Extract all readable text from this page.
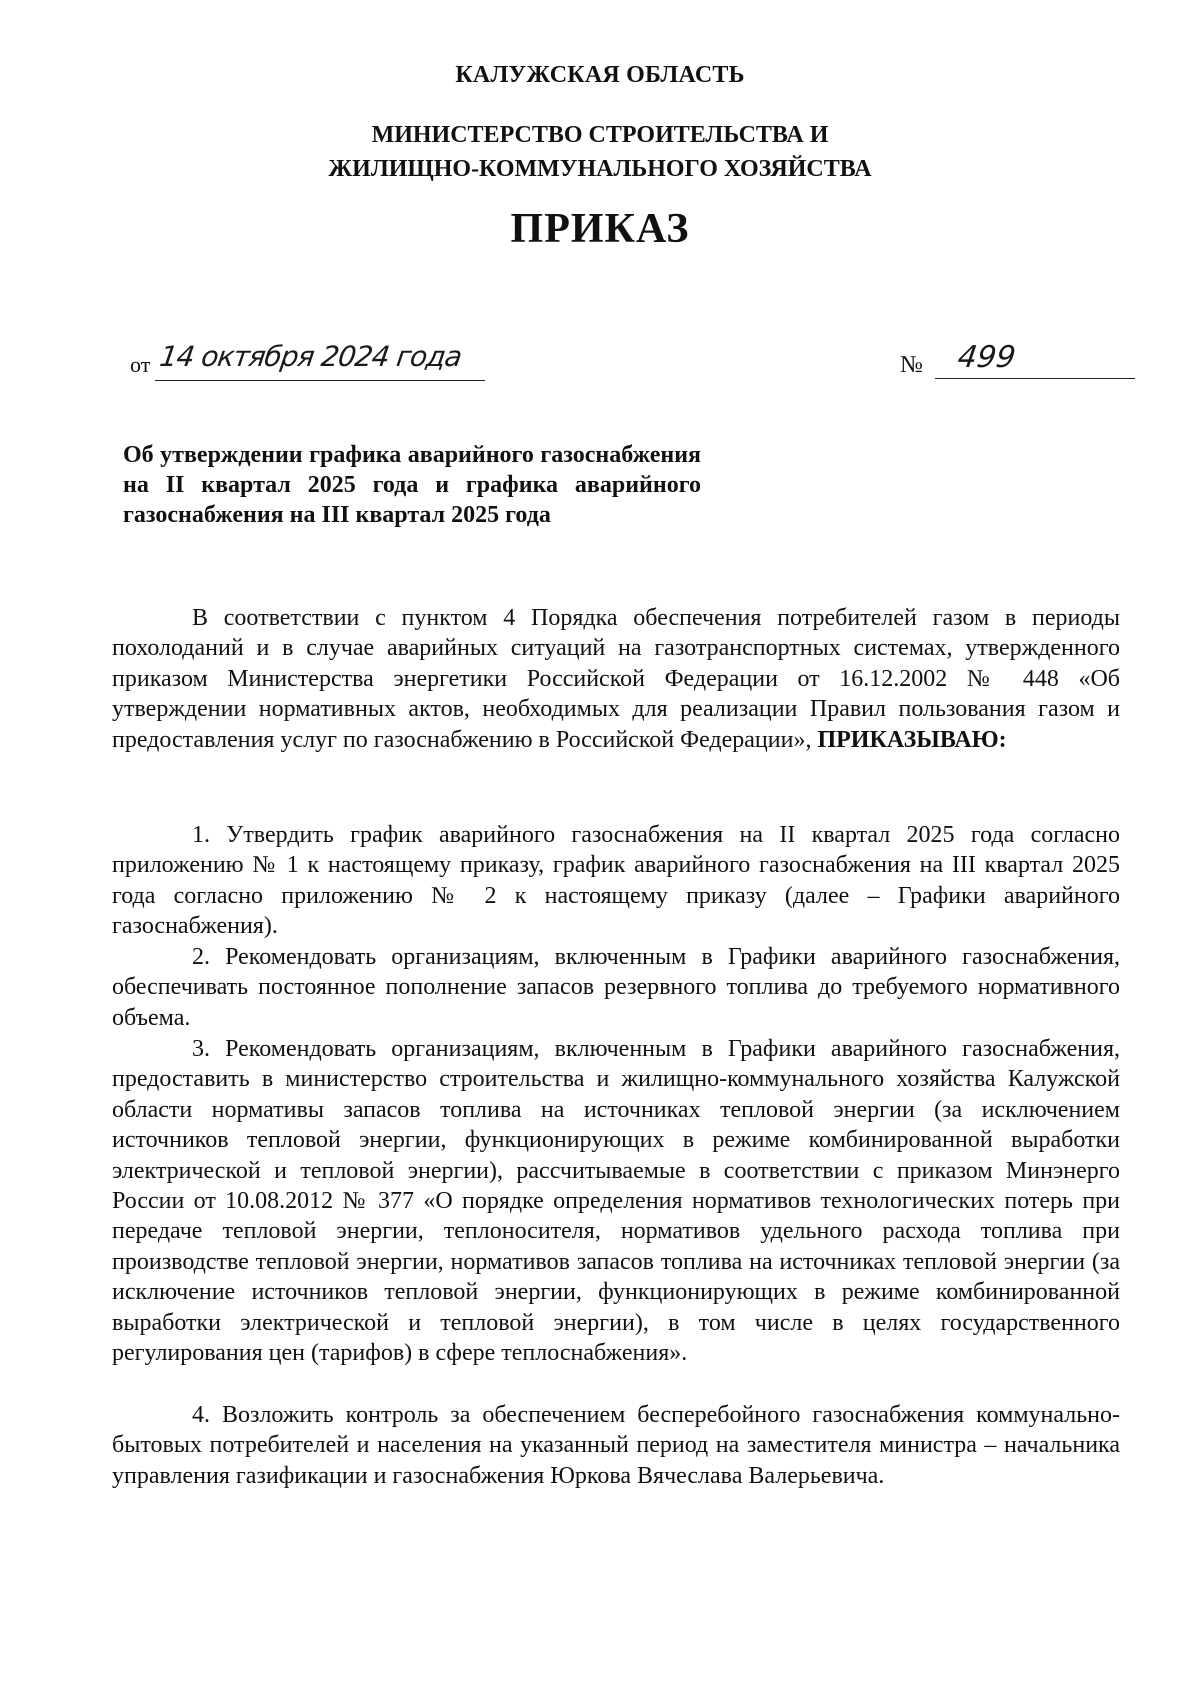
КАЛУЖСКАЯ ОБЛАСТЬ
МИНИСТЕРСТВО СТРОИТЕЛЬСТВА И
ЖИЛИЩНО-КОММУНАЛЬНОГО ХОЗЯЙСТВА
ПРИКАЗ
от 14 октября 2024 года	№ 499
Об утверждении графика аварийного газоснабжения на II квартал 2025 года и графика аварийного газоснабжения на III квартал 2025 года
В соответствии с пунктом 4 Порядка обеспечения потребителей газом в периоды похолоданий и в случае аварийных ситуаций на газотранспортных системах, утвержденного приказом Министерства энергетики Российской Федерации от 16.12.2002 № 448 «Об утверждении нормативных актов, необходимых для реализации Правил пользования газом и предоставления услуг по газоснабжению в Российской Федерации», ПРИКАЗЫВАЮ:
1. Утвердить график аварийного газоснабжения на II квартал 2025 года согласно приложению № 1 к настоящему приказу, график аварийного газоснабжения на III квартал 2025 года согласно приложению № 2 к настоящему приказу (далее – Графики аварийного газоснабжения).
2. Рекомендовать организациям, включенным в Графики аварийного газоснабжения, обеспечивать постоянное пополнение запасов резервного топлива до требуемого нормативного объема.
3. Рекомендовать организациям, включенным в Графики аварийного газоснабжения, предоставить в министерство строительства и жилищно-коммунального хозяйства Калужской области нормативы запасов топлива на источниках тепловой энергии (за исключением источников тепловой энергии, функционирующих в режиме комбинированной выработки электрической и тепловой энергии), рассчитываемые в соответствии с приказом Минэнерго России от 10.08.2012 № 377 «О порядке определения нормативов технологических потерь при передаче тепловой энергии, теплоносителя, нормативов удельного расхода топлива при производстве тепловой энергии, нормативов запасов топлива на источниках тепловой энергии (за исключение источников тепловой энергии, функционирующих в режиме комбинированной выработки электрической и тепловой энергии), в том числе в целях государственного регулирования цен (тарифов) в сфере теплоснабжения».
4. Возложить контроль за обеспечением бесперебойного газоснабжения коммунально-бытовых потребителей и населения на указанный период на заместителя министра – начальника управления газификации и газоснабжения Юркова Вячеслава Валерьевича.
